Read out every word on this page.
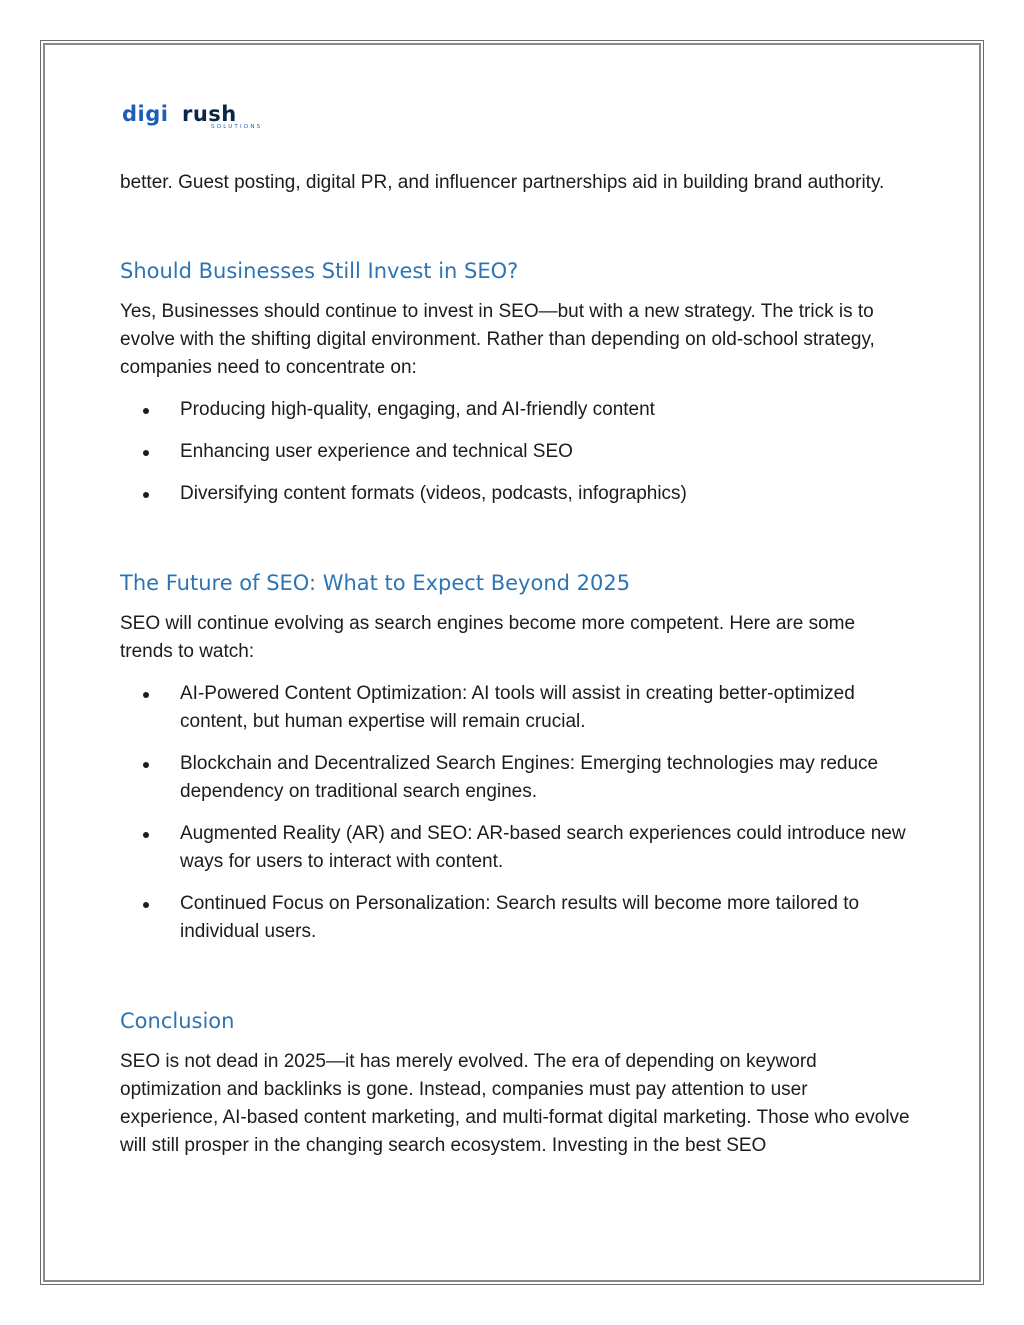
digi rush
SOLUTIONS

better. Guest posting, digital PR, and influencer partnerships aid in building brand authority.

Should Businesses Still Invest in SEO?

Yes, Businesses should continue to invest in SEO—but with a new strategy. The trick is to evolve with the shifting digital environment. Rather than depending on old-school strategy, companies need to concentrate on:

Producing high-quality, engaging, and AI-friendly content
Enhancing user experience and technical SEO
Diversifying content formats (videos, podcasts, infographics)
The Future of SEO: What to Expect Beyond 2025

SEO will continue evolving as search engines become more competent. Here are some trends to watch:

AI-Powered Content Optimization: AI tools will assist in creating better-optimized content, but human expertise will remain crucial.
Blockchain and Decentralized Search Engines: Emerging technologies may reduce dependency on traditional search engines.
Augmented Reality (AR) and SEO: AR-based search experiences could introduce new ways for users to interact with content.
Continued Focus on Personalization: Search results will become more tailored to individual users.
Conclusion

SEO is not dead in 2025—it has merely evolved. The era of depending on keyword optimization and backlinks is gone. Instead, companies must pay attention to user experience, AI-based content marketing, and multi-format digital marketing. Those who evolve will still prosper in the changing search ecosystem. Investing in the best SEO
